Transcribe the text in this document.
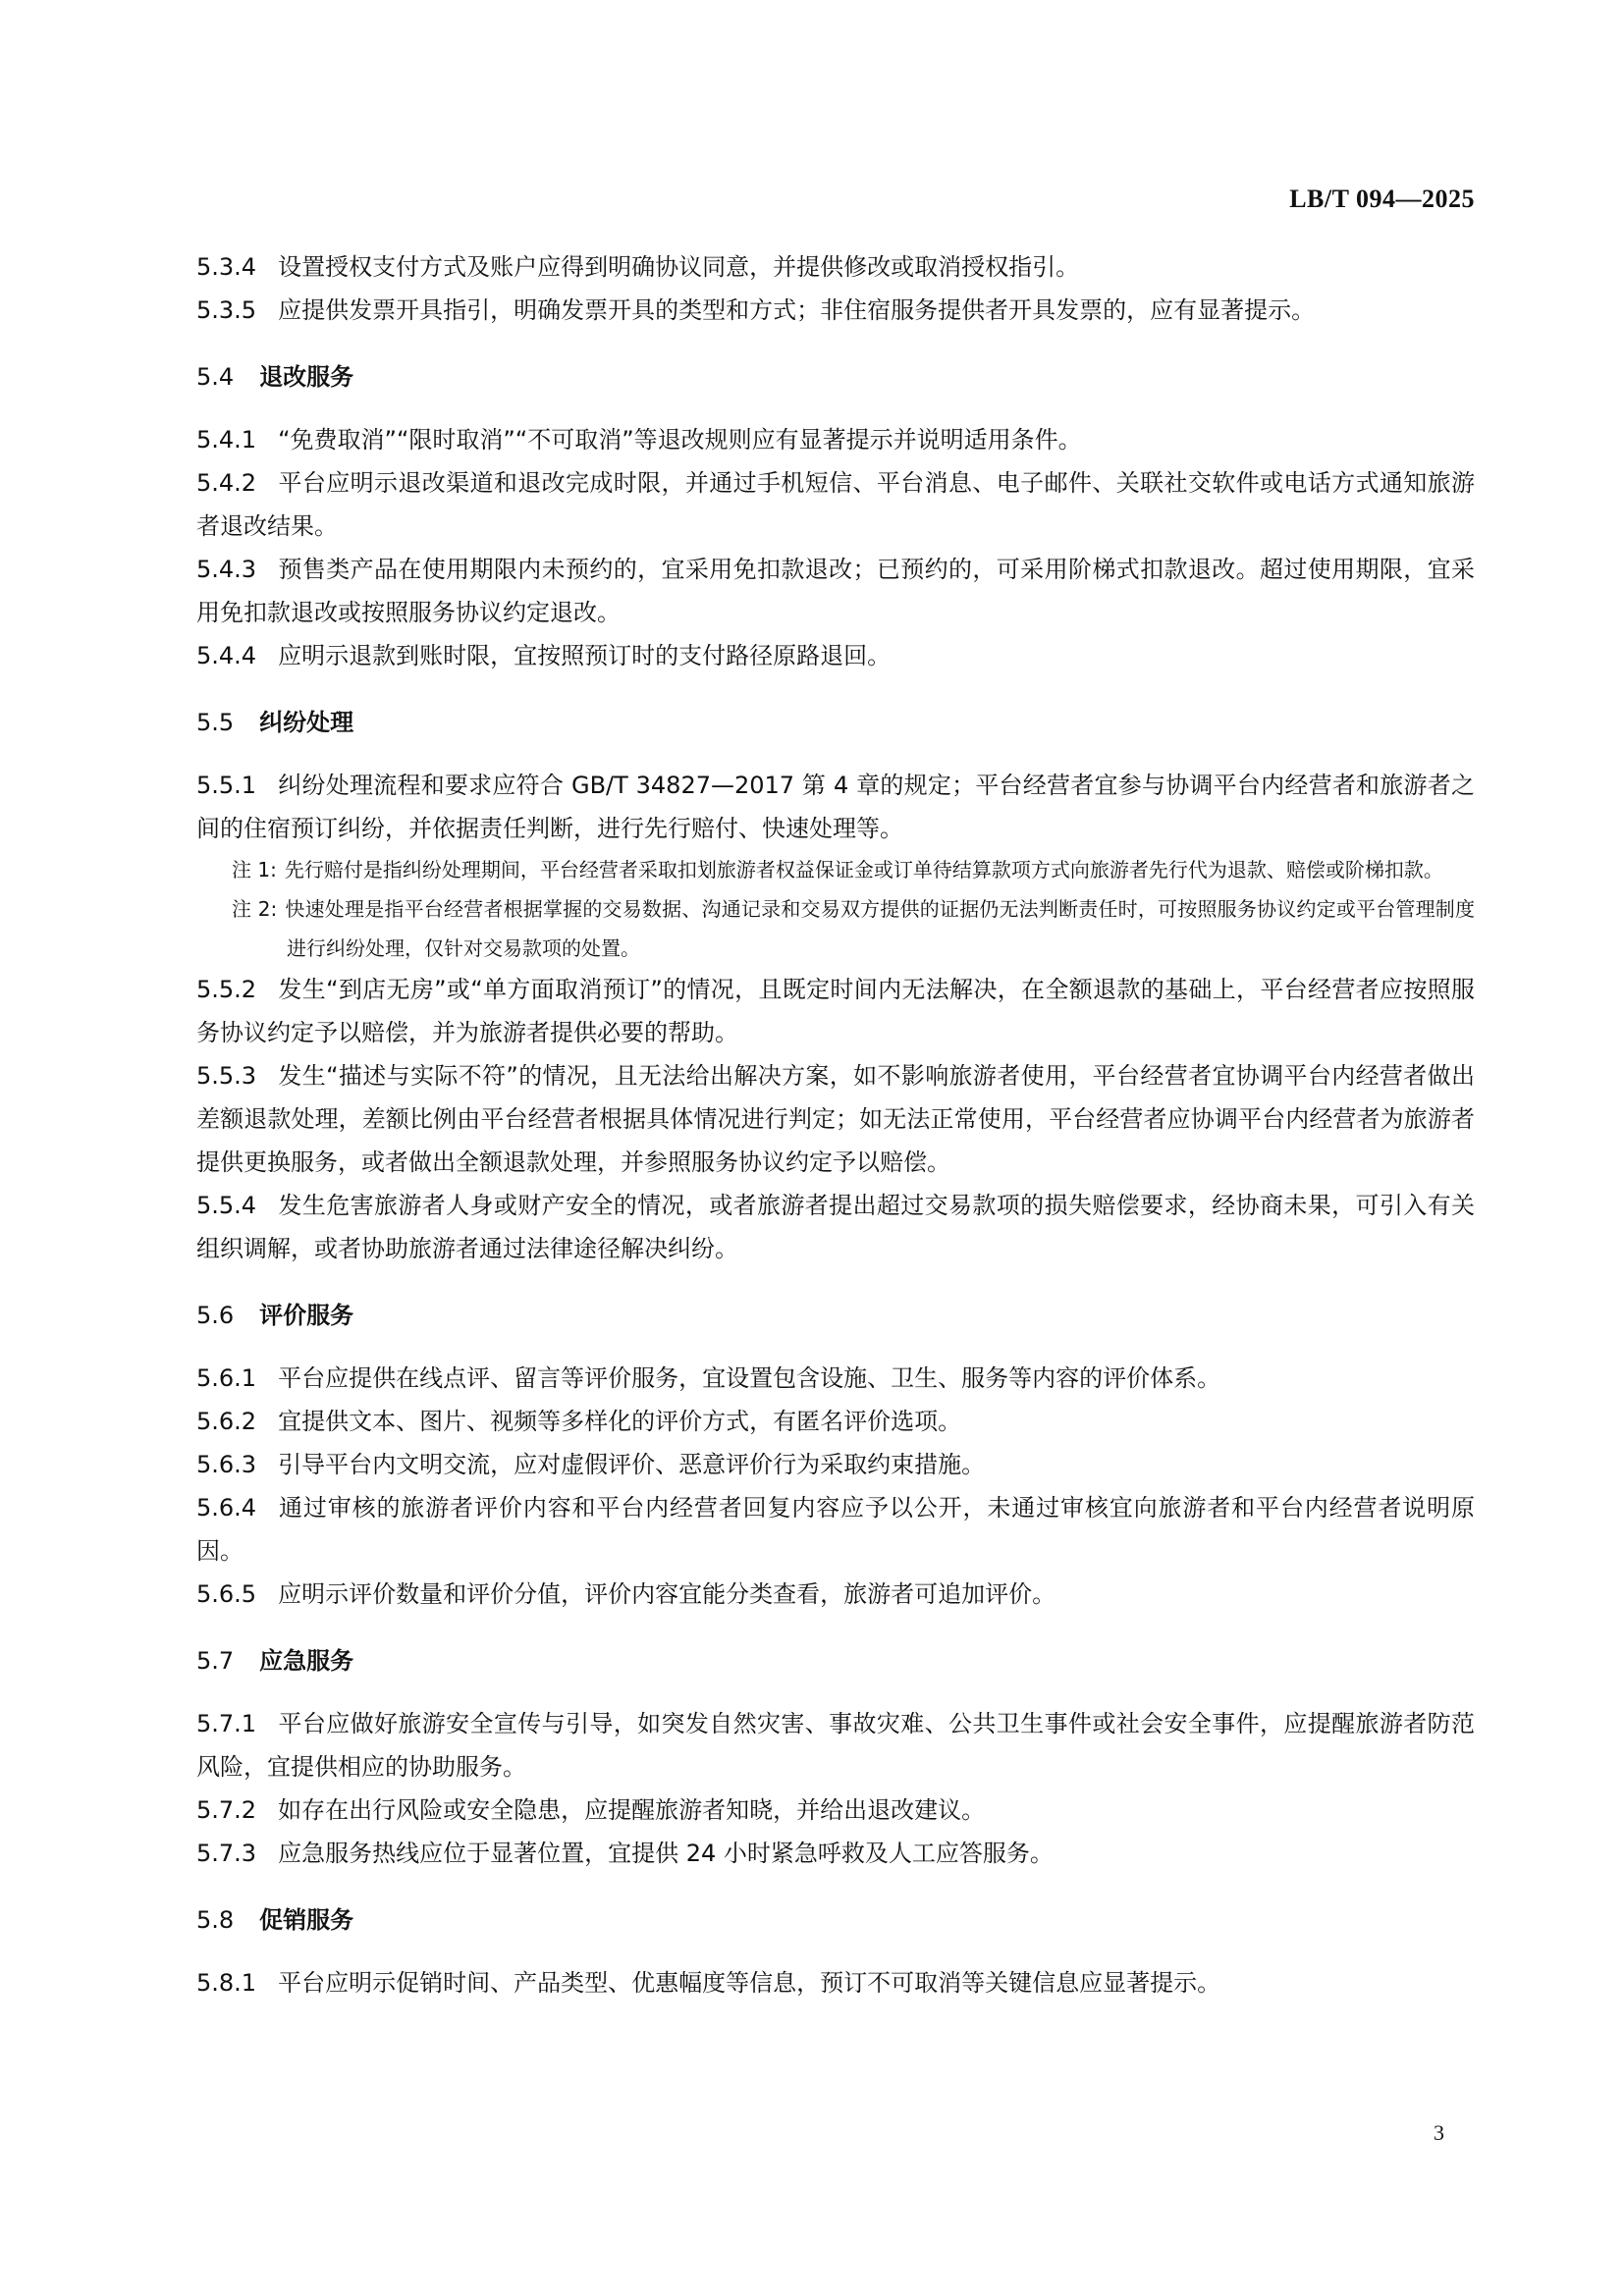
LB/T 094—2025

5.3.4 设置授权支付方式及账户应得到明确协议同意，并提供修改或取消授权指引。

5.3.5 应提供发票开具指引，明确发票开具的类型和方式；非住宿服务提供者开具发票的，应有显著提示。

5.4 退改服务

5.4.1 “免费取消”“限时取消”“不可取消”等退改规则应有显著提示并说明适用条件。

5.4.2 平台应明示退改渠道和退改完成时限，并通过手机短信、平台消息、电子邮件、关联社交软件或电话方式通知旅游者退改结果。

5.4.3 预售类产品在使用期限内未预约的，宜采用免扣款退改；已预约的，可采用阶梯式扣款退改。超过使用期限，宜采用免扣款退改或按照服务协议约定退改。

5.4.4 应明示退款到账时限，宜按照预订时的支付路径原路退回。

5.5 纠纷处理

5.5.1 纠纷处理流程和要求应符合 GB/T 34827—2017 第 4 章的规定；平台经营者宜参与协调平台内经营者和旅游者之间的住宿预订纠纷，并依据责任判断，进行先行赔付、快速处理等。

注 1: 先行赔付是指纠纷处理期间，平台经营者采取扣划旅游者权益保证金或订单待结算款项方式向旅游者先行代为退款、赔偿或阶梯扣款。

注 2: 快速处理是指平台经营者根据掌握的交易数据、沟通记录和交易双方提供的证据仍无法判断责任时，可按照服务协议约定或平台管理制度进行纠纷处理，仅针对交易款项的处置。

5.5.2 发生“到店无房”或“单方面取消预订”的情况，且既定时间内无法解决，在全额退款的基础上，平台经营者应按照服务协议约定予以赔偿，并为旅游者提供必要的帮助。

5.5.3 发生“描述与实际不符”的情况，且无法给出解决方案，如不影响旅游者使用，平台经营者宜协调平台内经营者做出差额退款处理，差额比例由平台经营者根据具体情况进行判定；如无法正常使用，平台经营者应协调平台内经营者为旅游者提供更换服务，或者做出全额退款处理，并参照服务协议约定予以赔偿。

5.5.4 发生危害旅游者人身或财产安全的情况，或者旅游者提出超过交易款项的损失赔偿要求，经协商未果，可引入有关组织调解，或者协助旅游者通过法律途径解决纠纷。

5.6 评价服务

5.6.1 平台应提供在线点评、留言等评价服务，宜设置包含设施、卫生、服务等内容的评价体系。

5.6.2 宜提供文本、图片、视频等多样化的评价方式，有匿名评价选项。

5.6.3 引导平台内文明交流，应对虚假评价、恶意评价行为采取约束措施。

5.6.4 通过审核的旅游者评价内容和平台内经营者回复内容应予以公开，未通过审核宜向旅游者和平台内经营者说明原因。

5.6.5 应明示评价数量和评价分值，评价内容宜能分类查看，旅游者可追加评价。

5.7 应急服务

5.7.1 平台应做好旅游安全宣传与引导，如突发自然灾害、事故灾难、公共卫生事件或社会安全事件，应提醒旅游者防范风险，宜提供相应的协助服务。

5.7.2 如存在出行风险或安全隐患，应提醒旅游者知晓，并给出退改建议。

5.7.3 应急服务热线应位于显著位置，宜提供 24 小时紧急呼救及人工应答服务。

5.8 促销服务

5.8.1 平台应明示促销时间、产品类型、优惠幅度等信息，预订不可取消等关键信息应显著提示。

3
